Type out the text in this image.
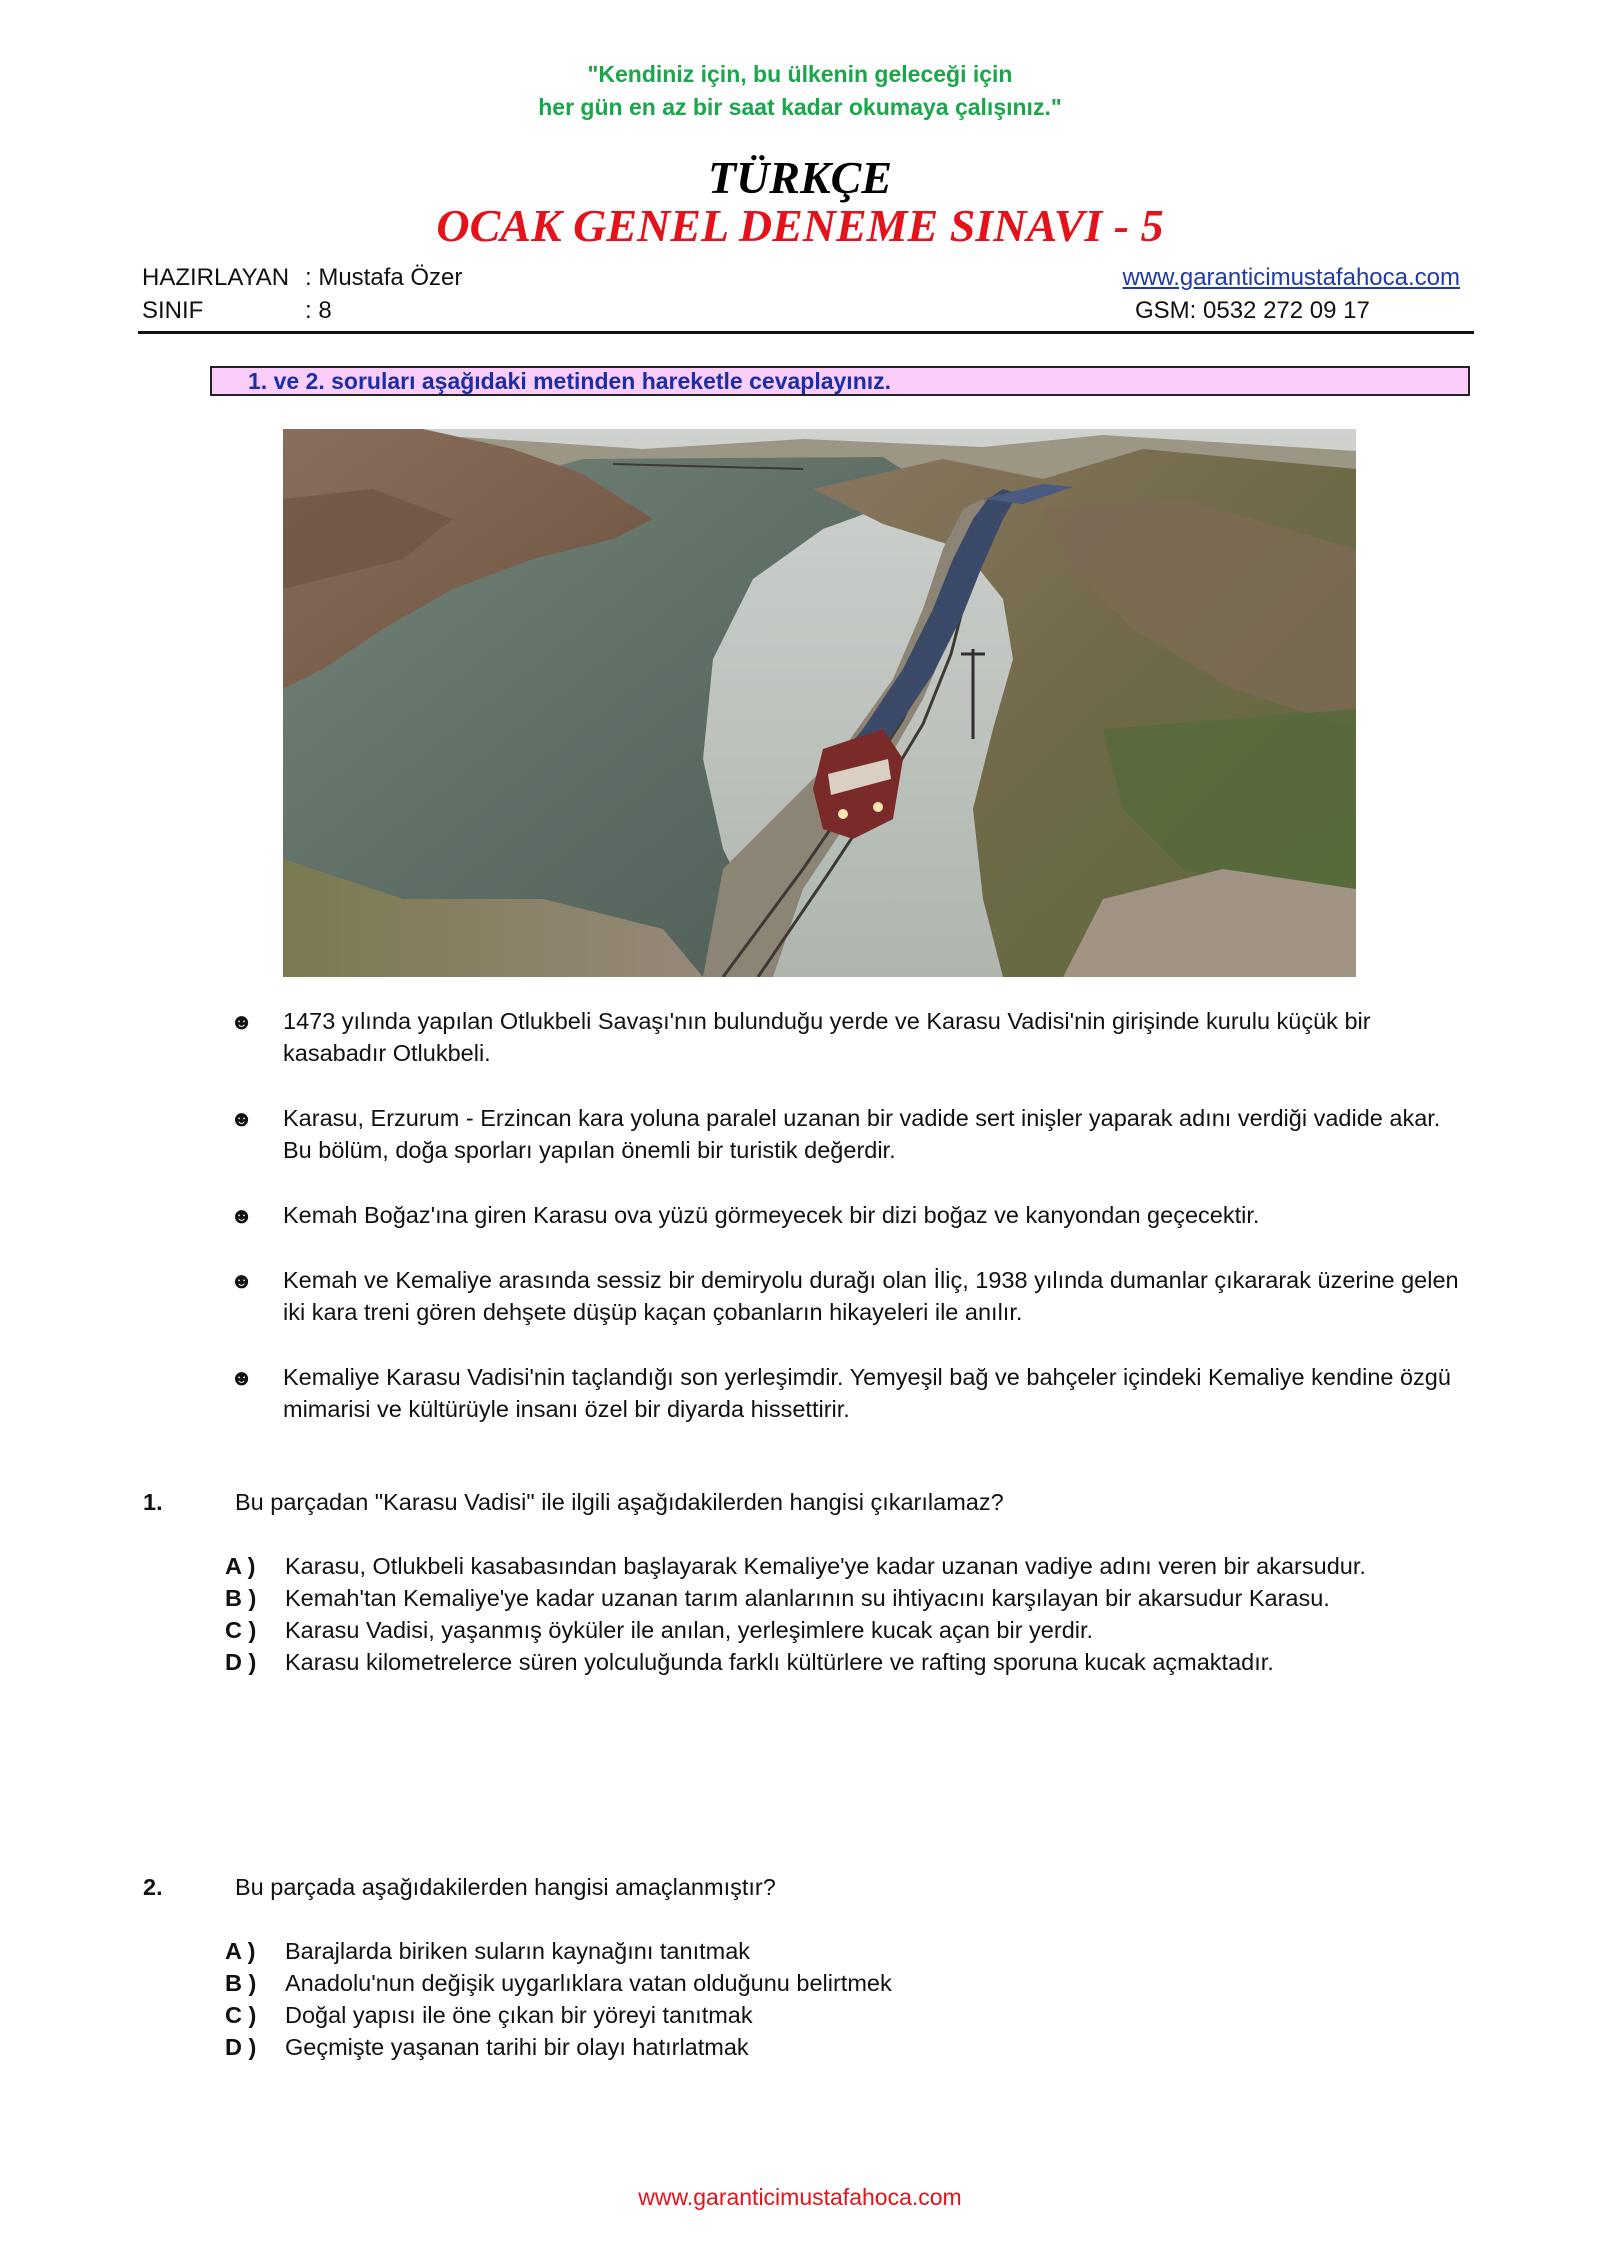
"Kendiniz için, bu ülkenin geleceği için
her gün en az bir saat kadar okumaya çalışınız."
TÜRKÇE
OCAK GENEL DENEME SINAVI - 5
HAZIRLAYAN : Mustafa Özer
SINIF	: 8
www.garanticimustafahoca.com
GSM: 0532 272 09 17
1. ve 2. soruları aşağıdaki metinden hareketle cevaplayınız.
☻ 1473 yılında yapılan Otlukbeli Savaşı'nın bulunduğu yerde ve Karasu Vadisi'nin girişinde kurulu küçük bir kasabadır Otlukbeli.
☻ Karasu, Erzurum - Erzincan kara yoluna paralel uzanan bir vadide sert inişler yaparak adını verdiği vadide akar. Bu bölüm, doğa sporları yapılan önemli bir turistik değerdir.
☻ Kemah Boğaz'ına giren Karasu ova yüzü görmeyecek bir dizi boğaz ve kanyondan geçecektir.
☻ Kemah ve Kemaliye arasında sessiz bir demiryolu durağı olan İliç, 1938 yılında dumanlar çıkararak üzerine gelen iki kara treni gören dehşete düşüp kaçan çobanların hikayeleri ile anılır.
☻ Kemaliye Karasu Vadisi'nin taçlandığı son yerleşimdir. Yemyeşil bağ ve bahçeler içindeki Kemaliye kendine özgü mimarisi ve kültürüyle insanı özel bir diyarda hissettirir.
1.	Bu parçadan "Karasu Vadisi" ile ilgili aşağıdakilerden hangisi çıkarılamaz?
A ) Karasu, Otlukbeli kasabasından başlayarak Kemaliye'ye kadar uzanan vadiye adını veren bir akarsudur.
B ) Kemah'tan Kemaliye'ye kadar uzanan tarım alanlarının su ihtiyacını karşılayan bir akarsudur Karasu.
C ) Karasu Vadisi, yaşanmış öyküler ile anılan, yerleşimlere kucak açan bir yerdir.
D ) Karasu kilometrelerce süren yolculuğunda farklı kültürlere ve rafting sporuna kucak açmaktadır.
2.	Bu parçada aşağıdakilerden hangisi amaçlanmıştır?
A ) Barajlarda biriken suların kaynağını tanıtmak
B ) Anadolu'nun değişik uygarlıklara vatan olduğunu belirtmek
C ) Doğal yapısı ile öne çıkan bir yöreyi tanıtmak
D ) Geçmişte yaşanan tarihi bir olayı hatırlatmak
www.garanticimustafahoca.com
